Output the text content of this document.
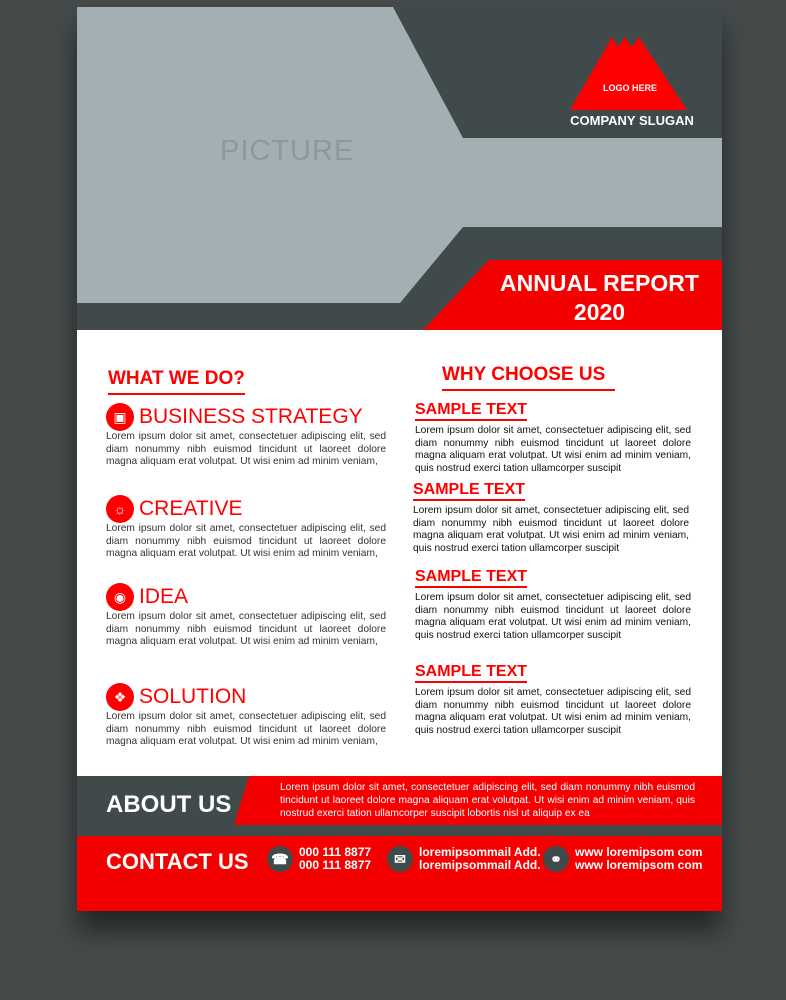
PICTURE
LOGO HERE
COMPANY SLUGAN
ANNUAL REPORT
2020
WHAT WE DO?	WHY CHOOSE US
▣ BUSINESS STRATEGY
Lorem ipsum dolor sit amet, consectetuer adipiscing elit, sed diam nonummy nibh euismod tincidunt ut laoreet dolore magna aliquam erat volutpat. Ut wisi enim ad minim veniam,
☼ CREATIVE
Lorem ipsum dolor sit amet, consectetuer adipiscing elit, sed diam nonummy nibh euismod tincidunt ut laoreet dolore magna aliquam erat volutpat. Ut wisi enim ad minim veniam,
◉ IDEA
Lorem ipsum dolor sit amet, consectetuer adipiscing elit, sed diam nonummy nibh euismod tincidunt ut laoreet dolore magna aliquam erat volutpat. Ut wisi enim ad minim veniam,
❖ SOLUTION
Lorem ipsum dolor sit amet, consectetuer adipiscing elit, sed diam nonummy nibh euismod tincidunt ut laoreet dolore magna aliquam erat volutpat. Ut wisi enim ad minim veniam,
SAMPLE TEXT
Lorem ipsum dolor sit amet, consectetuer adipiscing elit, sed diam nonummy nibh euismod tincidunt ut laoreet dolore magna aliquam erat volutpat. Ut wisi enim ad minim veniam, quis nostrud exerci tation ullamcorper suscipit
SAMPLE TEXT
Lorem ipsum dolor sit amet, consectetuer adipiscing elit, sed diam nonummy nibh euismod tincidunt ut laoreet dolore magna aliquam erat volutpat. Ut wisi enim ad minim veniam, quis nostrud exerci tation ullamcorper suscipit
SAMPLE TEXT
Lorem ipsum dolor sit amet, consectetuer adipiscing elit, sed diam nonummy nibh euismod tincidunt ut laoreet dolore magna aliquam erat volutpat. Ut wisi enim ad minim veniam, quis nostrud exerci tation ullamcorper suscipit
SAMPLE TEXT
Lorem ipsum dolor sit amet, consectetuer adipiscing elit, sed diam nonummy nibh euismod tincidunt ut laoreet dolore magna aliquam erat volutpat. Ut wisi enim ad minim veniam, quis nostrud exerci tation ullamcorper suscipit
ABOUT US
Lorem ipsum dolor sit amet, consectetuer adipiscing elit, sed diam nonummy nibh euismod tincidunt ut laoreet dolore magna aliquam erat volutpat. Ut wisi enim ad minim veniam, quis nostrud exerci tation ullamcorper suscipit lobortis nisl ut aliquip ex ea
CONTACT US	☎ 000 111 8877
000 111 8877	✉	loremipsommail Add.
loremipsommail Add. ⚭	www loremipsom com
www loremipsom com
